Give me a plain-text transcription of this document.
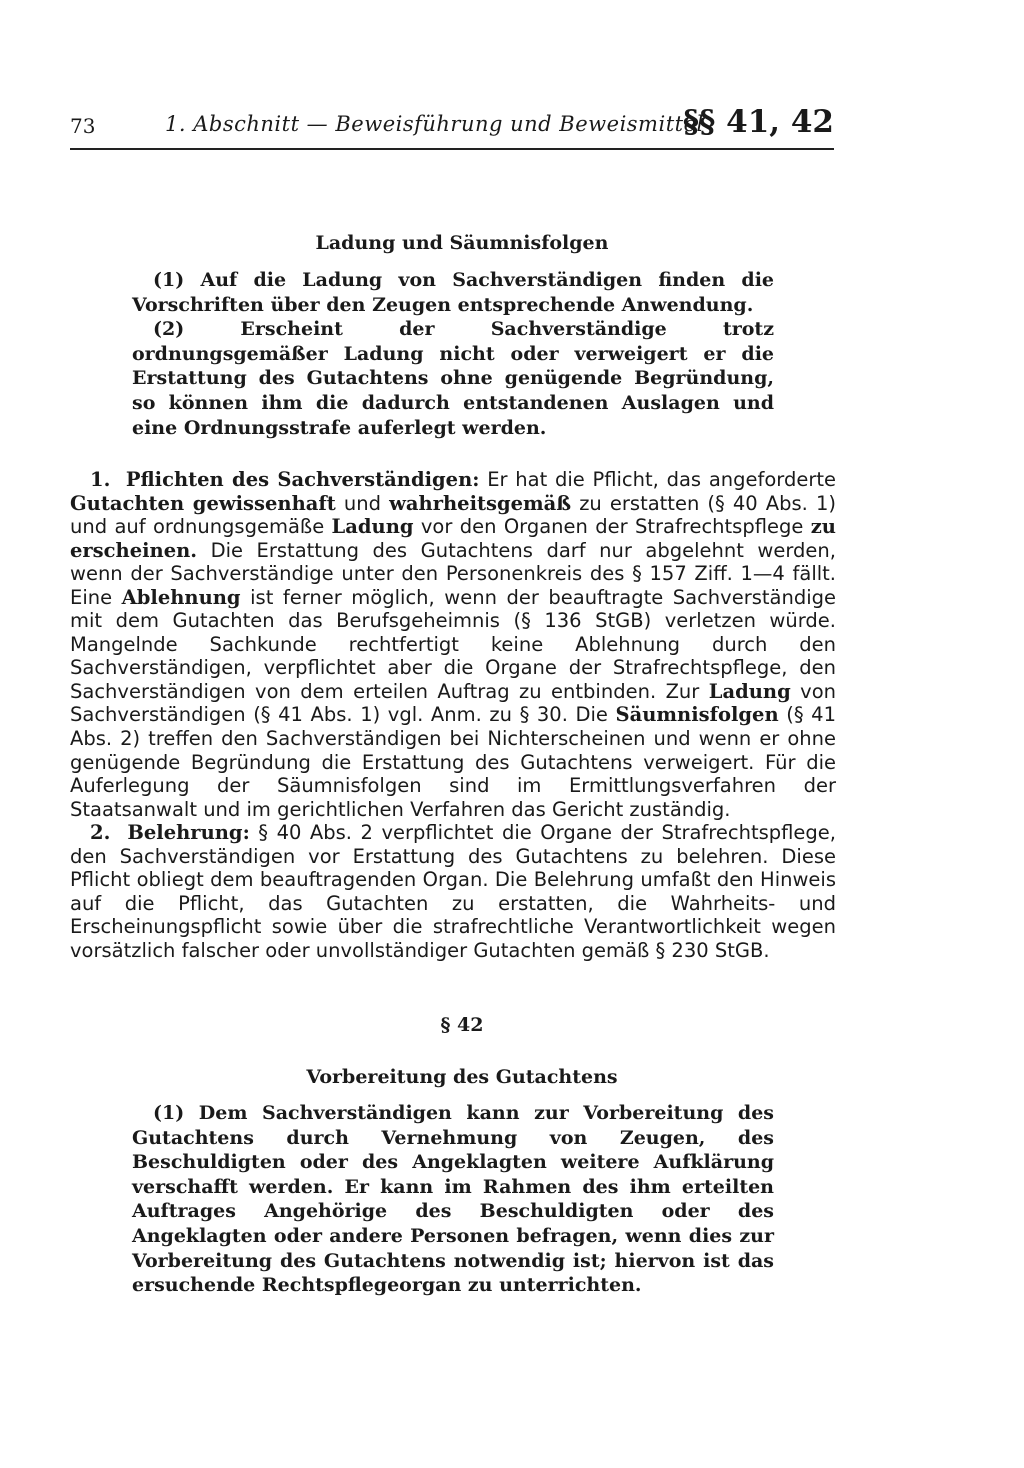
73	1. Abschnitt — Beweisführung und Beweismittel
§§ 41, 42
Ladung und Säumnisfolgen

(1) Auf die Ladung von Sachverständigen finden die Vorschriften über den Zeugen entsprechende Anwendung.

(2) Erscheint der Sachverständige trotz ordnungsgemäßer Ladung nicht oder verweigert er die Erstattung des Gutachtens ohne genügende Begründung, so können ihm die dadurch entstandenen Auslagen und eine Ordnungsstrafe auferlegt werden.

1. Pflichten des Sachverständigen: Er hat die Pflicht, das angeforderte Gutachten gewissenhaft und wahrheitsgemäß zu erstatten (§ 40 Abs. 1) und auf ordnungsgemäße Ladung vor den Organen der Strafrechtspflege zu erscheinen. Die Erstattung des Gutachtens darf nur abgelehnt werden, wenn der Sachverständige unter den Personenkreis des § 157 Ziff. 1—4 fällt. Eine Ablehnung ist ferner möglich, wenn der beauftragte Sachverständige mit dem Gutachten das Berufsgeheimnis (§ 136 StGB) verletzen würde. Mangelnde Sachkunde rechtfertigt keine Ablehnung durch den Sachverständigen, verpflichtet aber die Organe der Strafrechtspflege, den Sachverständigen von dem erteilen Auftrag zu entbinden. Zur Ladung von Sachverständigen (§ 41 Abs. 1) vgl. Anm. zu § 30. Die Säumnisfolgen (§ 41 Abs. 2) treffen den Sachverständigen bei Nichterscheinen und wenn er ohne genügende Begründung die Erstattung des Gutachtens verweigert. Für die Auferlegung der Säumnisfolgen sind im Ermittlungsverfahren der Staatsanwalt und im gerichtlichen Verfahren das Gericht zuständig.

2. Belehrung: § 40 Abs. 2 verpflichtet die Organe der Strafrechtspflege, den Sachverständigen vor Erstattung des Gutachtens zu belehren. Diese Pflicht obliegt dem beauftragenden Organ. Die Belehrung umfaßt den Hinweis auf die Pflicht, das Gutachten zu erstatten, die Wahrheits- und Erscheinungspflicht sowie über die strafrechtliche Verantwortlichkeit wegen vorsätzlich falscher oder unvollständiger Gutachten gemäß § 230 StGB.

§ 42
Vorbereitung des Gutachtens

(1) Dem Sachverständigen kann zur Vorbereitung des Gutachtens durch Vernehmung von Zeugen, des Beschuldigten oder des Angeklagten weitere Aufklärung verschafft werden. Er kann im Rahmen des ihm erteilten Auftrages Angehörige des Beschuldigten oder des Angeklagten oder andere Personen befragen, wenn dies zur Vorbereitung des Gutachtens notwendig ist; hiervon ist das ersuchende Rechtspflegeorgan zu unterrichten.
